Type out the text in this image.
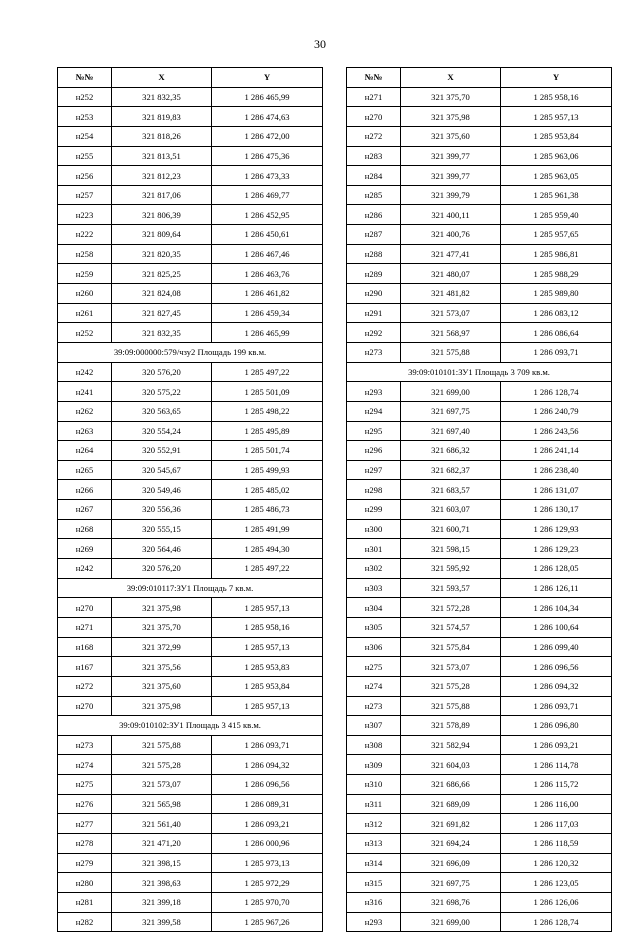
30
№№	X	Y
н252	321 832,35	1 286 465,99
н253	321 819,83	1 286 474,63
н254	321 818,26	1 286 472,00
н255	321 813,51	1 286 475,36
н256	321 812,23	1 286 473,33
н257	321 817,06	1 286 469,77
н223	321 806,39	1 286 452,95
н222	321 809,64	1 286 450,61
н258	321 820,35	1 286 467,46
н259	321 825,25	1 286 463,76
н260	321 824,08	1 286 461,82
н261	321 827,45	1 286 459,34
н252	321 832,35	1 286 465,99
39:09:000000:579/чзу2 Площадь 199 кв.м.		
н242	320 576,20	1 285 497,22
н241	320 575,22	1 285 501,09
н262	320 563,65	1 285 498,22
н263	320 554,24	1 285 495,89
н264	320 552,91	1 285 501,74
н265	320 545,67	1 285 499,93
н266	320 549,46	1 285 485,02
н267	320 556,36	1 285 486,73
н268	320 555,15	1 285 491,99
н269	320 564,46	1 285 494,30
н242	320 576,20	1 285 497,22
39:09:010117:ЗУ1 Площадь 7 кв.м.		
н270	321 375,98	1 285 957,13
н271	321 375,70	1 285 958,16
н168	321 372,99	1 285 957,13
н167	321 375,56	1 285 953,83
н272	321 375,60	1 285 953,84
н270	321 375,98	1 285 957,13
39:09:010102:ЗУ1 Площадь 3 415 кв.м.		
н273	321 575,88	1 286 093,71
н274	321 575,28	1 286 094,32
н275	321 573,07	1 286 096,56
н276	321 565,98	1 286 089,31
н277	321 561,40	1 286 093,21
н278	321 471,20	1 286 000,96
н279	321 398,15	1 285 973,13
н280	321 398,63	1 285 972,29
н281	321 399,18	1 285 970,70
н282	321 399,58	1 285 967,26
№№	X	Y
н271	321 375,70	1 285 958,16
н270	321 375,98	1 285 957,13
н272	321 375,60	1 285 953,84
н283	321 399,77	1 285 963,06
н284	321 399,77	1 285 963,05
н285	321 399,79	1 285 961,38
н286	321 400,11	1 285 959,40
н287	321 400,76	1 285 957,65
н288	321 477,41	1 285 986,81
н289	321 480,07	1 285 988,29
н290	321 481,82	1 285 989,80
н291	321 573,07	1 286 083,12
н292	321 568,97	1 286 086,64
н273	321 575,88	1 286 093,71
39:09:010101:ЗУ1 Площадь 3 709 кв.м.		
н293	321 699,00	1 286 128,74
н294	321 697,75	1 286 240,79
н295	321 697,40	1 286 243,56
н296	321 686,32	1 286 241,14
н297	321 682,37	1 286 238,40
н298	321 683,57	1 286 131,07
н299	321 603,07	1 286 130,17
н300	321 600,71	1 286 129,93
н301	321 598,15	1 286 129,23
н302	321 595,92	1 286 128,05
н303	321 593,57	1 286 126,11
н304	321 572,28	1 286 104,34
н305	321 574,57	1 286 100,64
н306	321 575,84	1 286 099,40
н275	321 573,07	1 286 096,56
н274	321 575,28	1 286 094,32
н273	321 575,88	1 286 093,71
н307	321 578,89	1 286 096,80
н308	321 582,94	1 286 093,21
н309	321 604,03	1 286 114,78
н310	321 686,66	1 286 115,72
н311	321 689,09	1 286 116,00
н312	321 691,82	1 286 117,03
н313	321 694,24	1 286 118,59
н314	321 696,09	1 286 120,32
н315	321 697,75	1 286 123,05
н316	321 698,76	1 286 126,06
н293	321 699,00	1 286 128,74
